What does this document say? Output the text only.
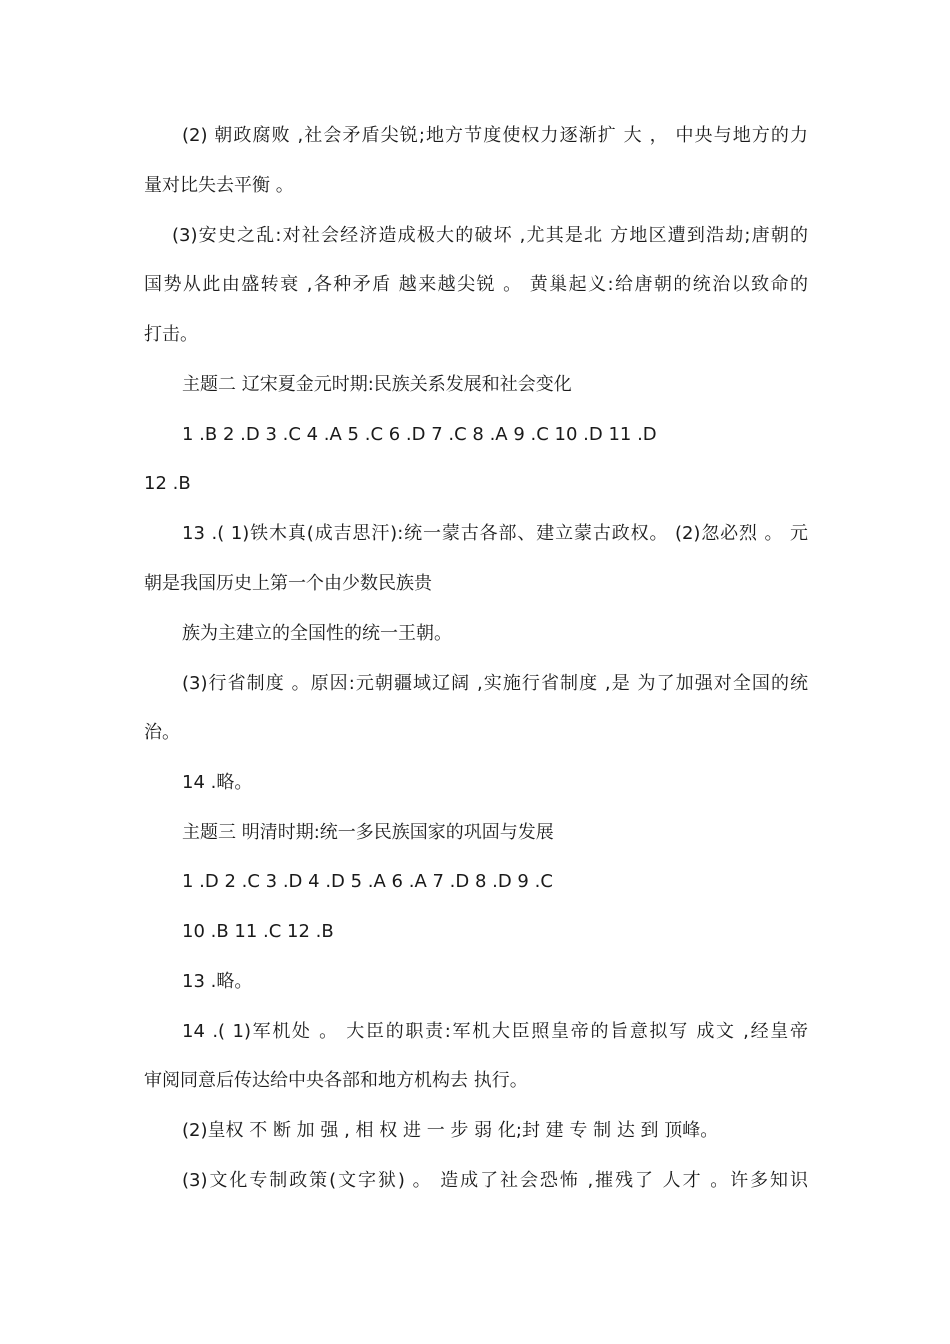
(2) 朝政腐败 ,社会矛盾尖锐;地方节度使权力逐渐扩 大 ， 中央与地方的力
量对比失去平衡 。
(3)安史之乱:对社会经济造成极大的破坏 ,尤其是北 方地区遭到浩劫;唐朝的
国势从此由盛转衰 ,各种矛盾 越来越尖锐 。 黄巢起义:给唐朝的统治以致命的
打击。
主题二 辽宋夏金元时期:民族关系发展和社会变化
1 .B 2 .D 3 .C 4 .A 5 .C 6 .D 7 .C 8 .A 9 .C 10 .D 11 .D
12 .B
13 .( 1)铁木真(成吉思汗):统一蒙古各部、建立蒙古政权。 (2)忽必烈 。 元
朝是我国历史上第一个由少数民族贵
族为主建立的全国性的统一王朝。
(3)行省制度 。原因:元朝疆域辽阔 ,实施行省制度 ,是 为了加强对全国的统
治。
14 .略。
主题三 明清时期:统一多民族国家的巩固与发展
1 .D 2 .C 3 .D 4 .D 5 .A 6 .A 7 .D 8 .D 9 .C
10 .B 11 .C 12 .B
13 .略。
14 .( 1)军机处 。 大臣的职责:军机大臣照皇帝的旨意拟写 成文 ,经皇帝
审阅同意后传达给中央各部和地方机构去 执行。
(2)皇权 不 断 加 强 , 相 权 进 一 步 弱 化;封 建 专 制 达 到 顶峰。
(3)文化专制政策(文字狱) 。 造成了社会恐怖 ,摧残了 人才 。许多知识
